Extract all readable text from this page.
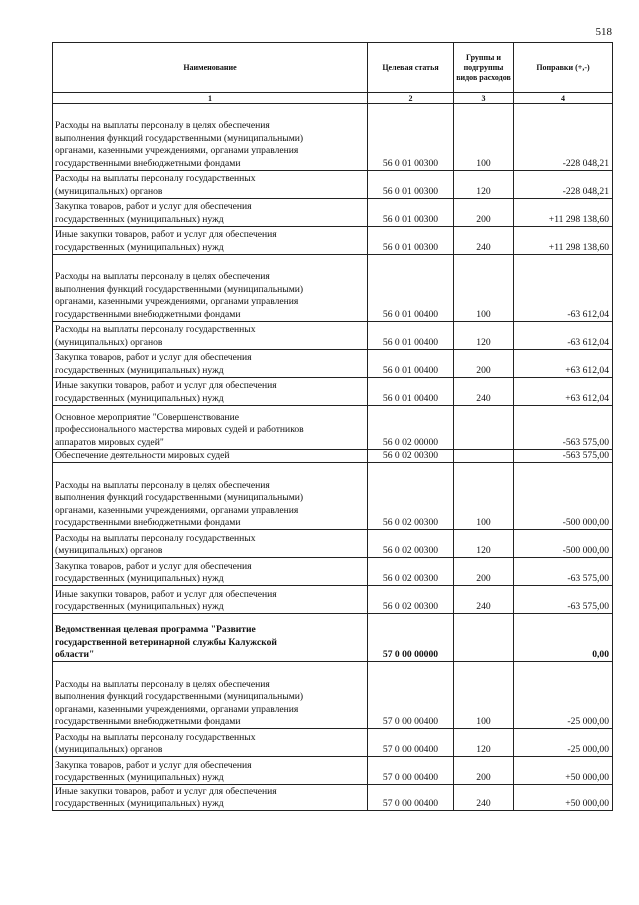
518
Наименование	Целевая статья	Группы и подгруппы видов расходов	Поправки (+,-)
1	2	3	4

Расходы на выплаты персоналу в целях обеспечения
выполнения функций государственными (муниципальными)
органами, казенными учреждениями, органами управления
государственными внебюджетными фондами	56 0 01 00300	100	-228 048,21

Расходы на выплаты персоналу государственных
(муниципальных) органов	56 0 01 00300	120	-228 048,21

Закупка товаров, работ и услуг для обеспечения
государственных (муниципальных) нужд	56 0 01 00300	200	+11 298 138,60

Иные закупки товаров, работ и услуг для обеспечения
государственных (муниципальных) нужд	56 0 01 00300	240	+11 298 138,60

Расходы на выплаты персоналу в целях обеспечения
выполнения функций государственными (муниципальными)
органами, казенными учреждениями, органами управления
государственными внебюджетными фондами	56 0 01 00400	100	-63 612,04

Расходы на выплаты персоналу государственных
(муниципальных) органов	56 0 01 00400	120	-63 612,04

Закупка товаров, работ и услуг для обеспечения
государственных (муниципальных) нужд	56 0 01 00400	200	+63 612,04

Иные закупки товаров, работ и услуг для обеспечения
государственных (муниципальных) нужд	56 0 01 00400	240	+63 612,04

Основное мероприятие "Совершенствование
профессионального мастерства мировых судей и работников
аппаратов мировых судей"	56 0 02 00000		-563 575,00

Обеспечение деятельности мировых судей	56 0 02 00300		-563 575,00

Расходы на выплаты персоналу в целях обеспечения
выполнения функций государственными (муниципальными)
органами, казенными учреждениями, органами управления
государственными внебюджетными фондами	56 0 02 00300	100	-500 000,00

Расходы на выплаты персоналу государственных
(муниципальных) органов	56 0 02 00300	120	-500 000,00

Закупка товаров, работ и услуг для обеспечения
государственных (муниципальных) нужд	56 0 02 00300	200	-63 575,00

Иные закупки товаров, работ и услуг для обеспечения
государственных (муниципальных) нужд	56 0 02 00300	240	-63 575,00

Ведомственная целевая программа "Развитие
государственной ветеринарной службы Калужской
области"	57 0 00 00000		0,00

Расходы на выплаты персоналу в целях обеспечения
выполнения функций государственными (муниципальными)
органами, казенными учреждениями, органами управления
государственными внебюджетными фондами	57 0 00 00400	100	-25 000,00

Расходы на выплаты персоналу государственных
(муниципальных) органов	57 0 00 00400	120	-25 000,00

Закупка товаров, работ и услуг для обеспечения
государственных (муниципальных) нужд	57 0 00 00400	200	+50 000,00

Иные закупки товаров, работ и услуг для обеспечения
государственных (муниципальных) нужд	57 0 00 00400	240	+50 000,00
